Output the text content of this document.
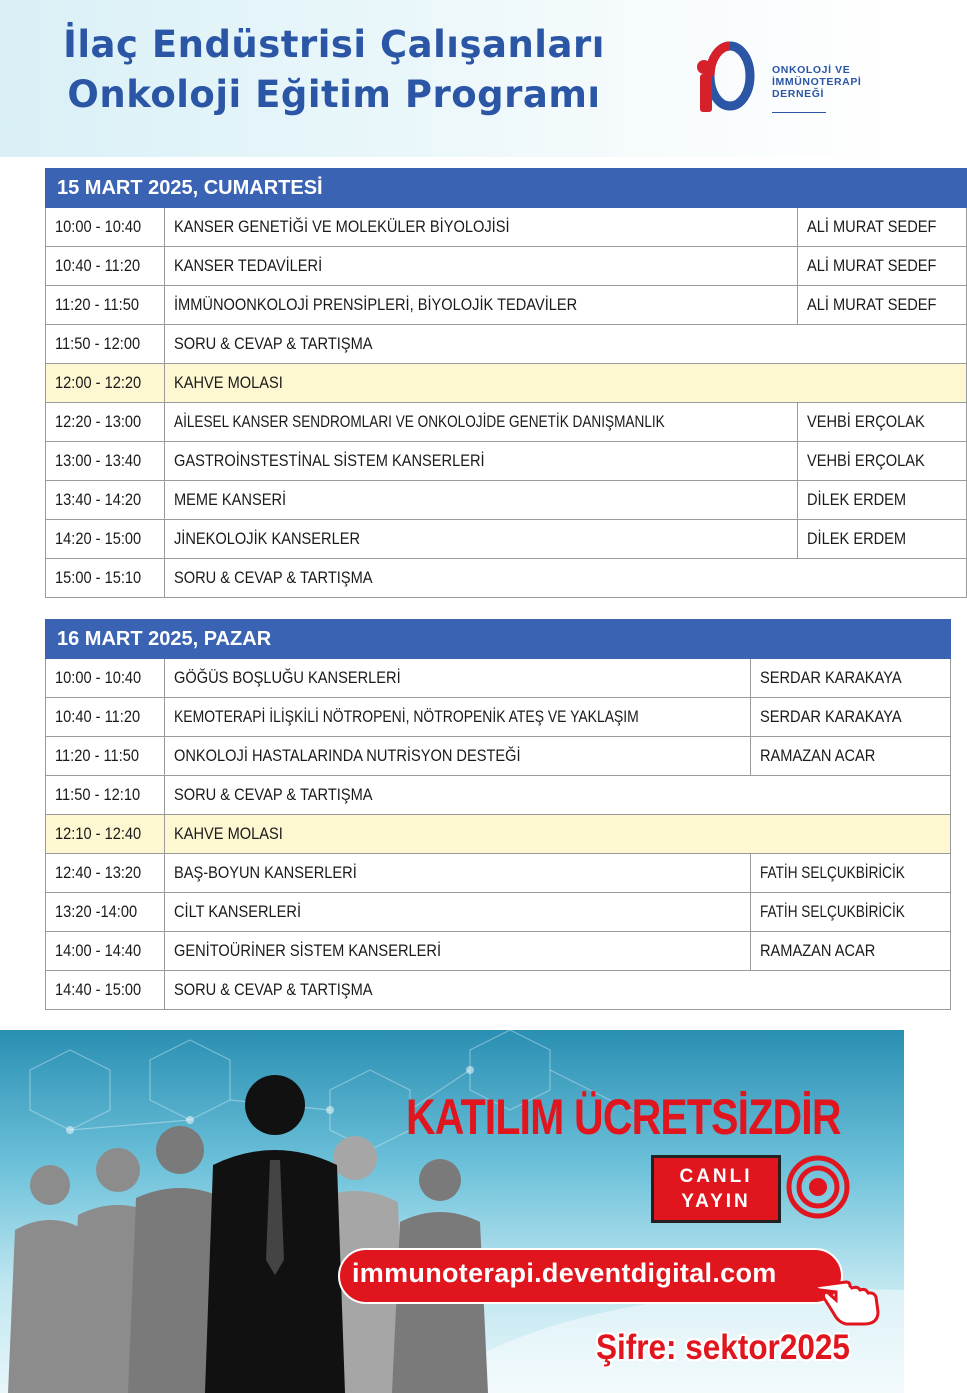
İlaç Endüstrisi Çalışanları
Onkoloji Eğitim Programı
ONKOLOJİ VE
İMMÜNOTERAPİ
DERNEĞİ
15 MART 2025, CUMARTESİ		
10:00 - 10:40	KANSER GENETİĞİ VE MOLEKÜLER BİYOLOJİSİ	ALİ MURAT SEDEF
10:40 - 11:20	KANSER TEDAVİLERİ	ALİ MURAT SEDEF
11:20 - 11:50	İMMÜNOONKOLOJİ PRENSİPLERİ, BİYOLOJİK TEDAVİLER	ALİ MURAT SEDEF
11:50 - 12:00	SORU & CEVAP & TARTIŞMA	
12:00 - 12:20	KAHVE MOLASI	
12:20 - 13:00	AİLESEL KANSER SENDROMLARI VE ONKOLOJİDE GENETİK DANIŞMANLIK	VEHBİ ERÇOLAK
13:00 - 13:40	GASTROİNSTESTİNAL SİSTEM KANSERLERİ	VEHBİ ERÇOLAK
13:40 - 14:20	MEME KANSERİ	DİLEK ERDEM
14:20 - 15:00	JİNEKOLOJİK KANSERLER	DİLEK ERDEM
15:00 - 15:10	SORU & CEVAP & TARTIŞMA	
16 MART 2025, PAZAR		
10:00 - 10:40	GÖĞÜS BOŞLUĞU KANSERLERİ	SERDAR KARAKAYA
10:40 - 11:20	KEMOTERAPİ İLİŞKİLİ NÖTROPENİ, NÖTROPENİK ATEŞ VE YAKLAŞIM	SERDAR KARAKAYA
11:20 - 11:50	ONKOLOJİ HASTALARINDA NUTRİSYON DESTEĞİ	RAMAZAN ACAR
11:50 - 12:10	SORU & CEVAP & TARTIŞMA	
12:10 - 12:40	KAHVE MOLASI	
12:40 - 13:20	BAŞ-BOYUN KANSERLERİ	FATİH SELÇUKBİRİCİK
13:20 -14:00	CİLT KANSERLERİ	FATİH SELÇUKBİRİCİK
14:00 - 14:40	GENİTOÜRİNER SİSTEM KANSERLERİ	RAMAZAN ACAR
14:40 - 15:00	SORU & CEVAP & TARTIŞMA	
KATILIM ÜCRETSİZDİR
CANLI
YAYIN
immunoterapi.deventdigital.com
Şifre: sektor2025
